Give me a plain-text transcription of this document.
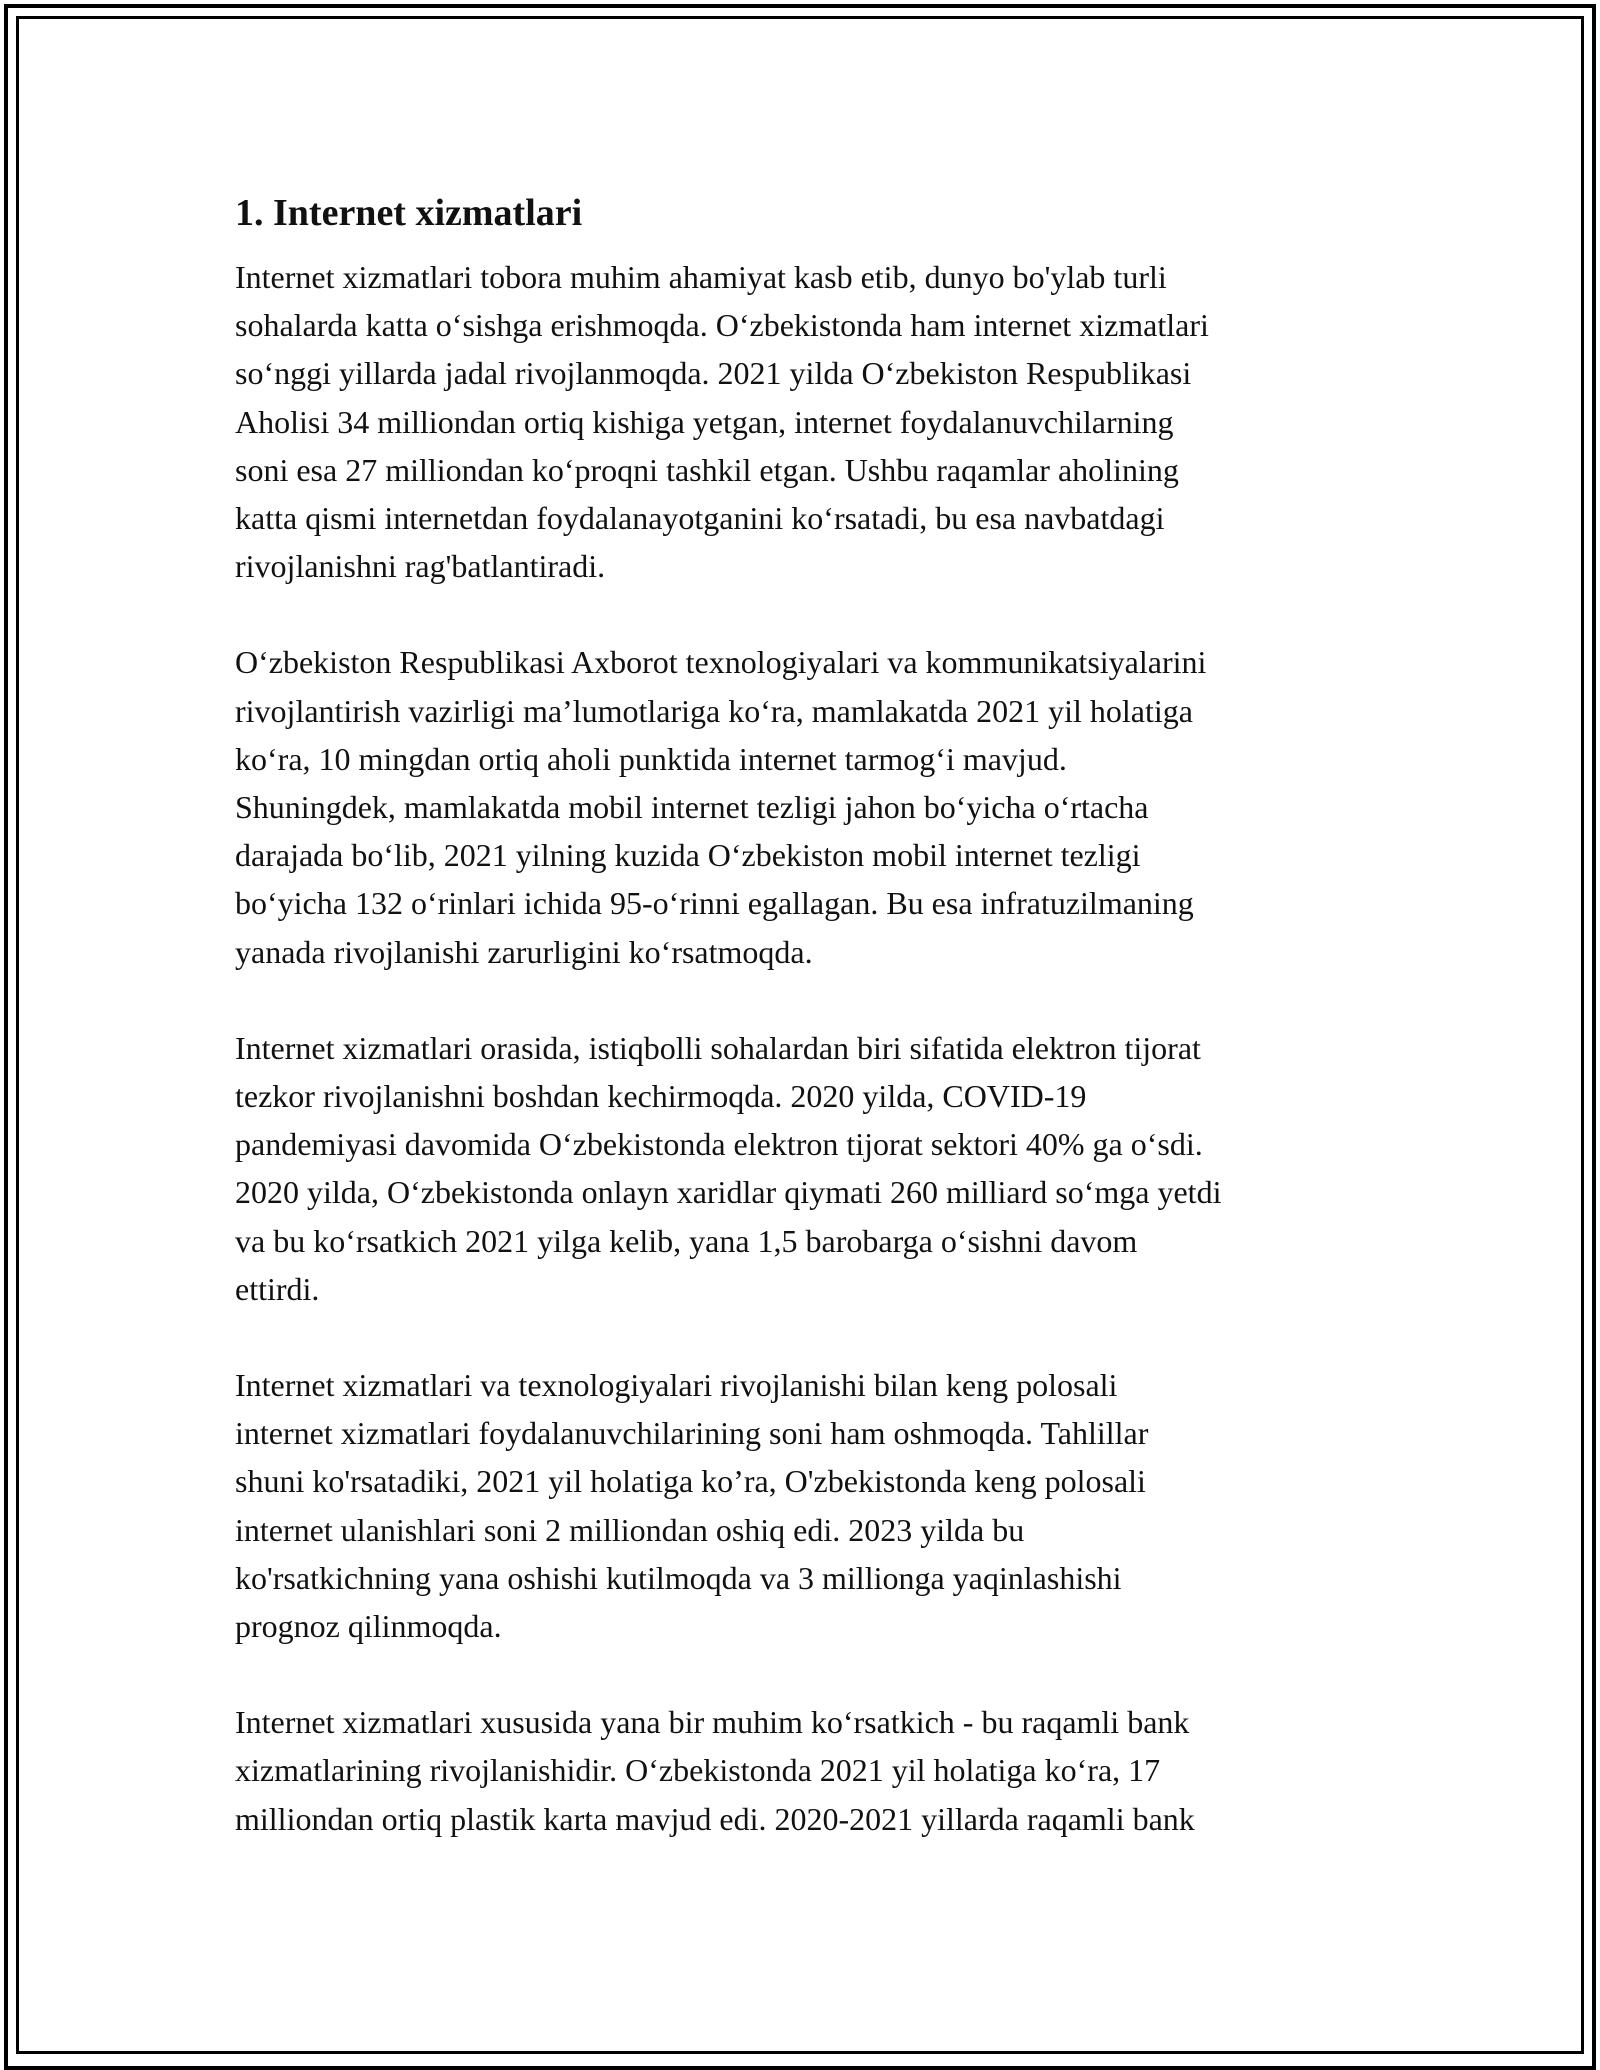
1. Internet xizmatlari

Internet xizmatlari tobora muhim ahamiyat kasb etib, dunyo bo'ylab turli
sohalarda katta o‘sishga erishmoqda. O‘zbekistonda ham internet xizmatlari
so‘nggi yillarda jadal rivojlanmoqda. 2021 yilda O‘zbekiston Respublikasi
Aholisi 34 milliondan ortiq kishiga yetgan, internet foydalanuvchilarning
soni esa 27 milliondan ko‘proqni tashkil etgan. Ushbu raqamlar aholining
katta qismi internetdan foydalanayotganini ko‘rsatadi, bu esa navbatdagi
rivojlanishni rag'batlantiradi.

O‘zbekiston Respublikasi Axborot texnologiyalari va kommunikatsiyalarini
rivojlantirish vazirligi ma’lumotlariga ko‘ra, mamlakatda 2021 yil holatiga
ko‘ra, 10 mingdan ortiq aholi punktida internet tarmog‘i mavjud.
Shuningdek, mamlakatda mobil internet tezligi jahon bo‘yicha o‘rtacha
darajada bo‘lib, 2021 yilning kuzida O‘zbekiston mobil internet tezligi
bo‘yicha 132 o‘rinlari ichida 95-o‘rinni egallagan. Bu esa infratuzilmaning
yanada rivojlanishi zarurligini ko‘rsatmoqda.

Internet xizmatlari orasida, istiqbolli sohalardan biri sifatida elektron tijorat
tezkor rivojlanishni boshdan kechirmoqda. 2020 yilda, COVID-19
pandemiyasi davomida O‘zbekistonda elektron tijorat sektori 40% ga o‘sdi.
2020 yilda, O‘zbekistonda onlayn xaridlar qiymati 260 milliard so‘mga yetdi
va bu ko‘rsatkich 2021 yilga kelib, yana 1,5 barobarga o‘sishni davom
ettirdi.

Internet xizmatlari va texnologiyalari rivojlanishi bilan keng polosali
internet xizmatlari foydalanuvchilarining soni ham oshmoqda. Tahlillar
shuni ko'rsatadiki, 2021 yil holatiga ko’ra, O'zbekistonda keng polosali
internet ulanishlari soni 2 milliondan oshiq edi. 2023 yilda bu
ko'rsatkichning yana oshishi kutilmoqda va 3 millionga yaqinlashishi
prognoz qilinmoqda.

Internet xizmatlari xususida yana bir muhim ko‘rsatkich - bu raqamli bank
xizmatlarining rivojlanishidir. O‘zbekistonda 2021 yil holatiga ko‘ra, 17
milliondan ortiq plastik karta mavjud edi. 2020-2021 yillarda raqamli bank
